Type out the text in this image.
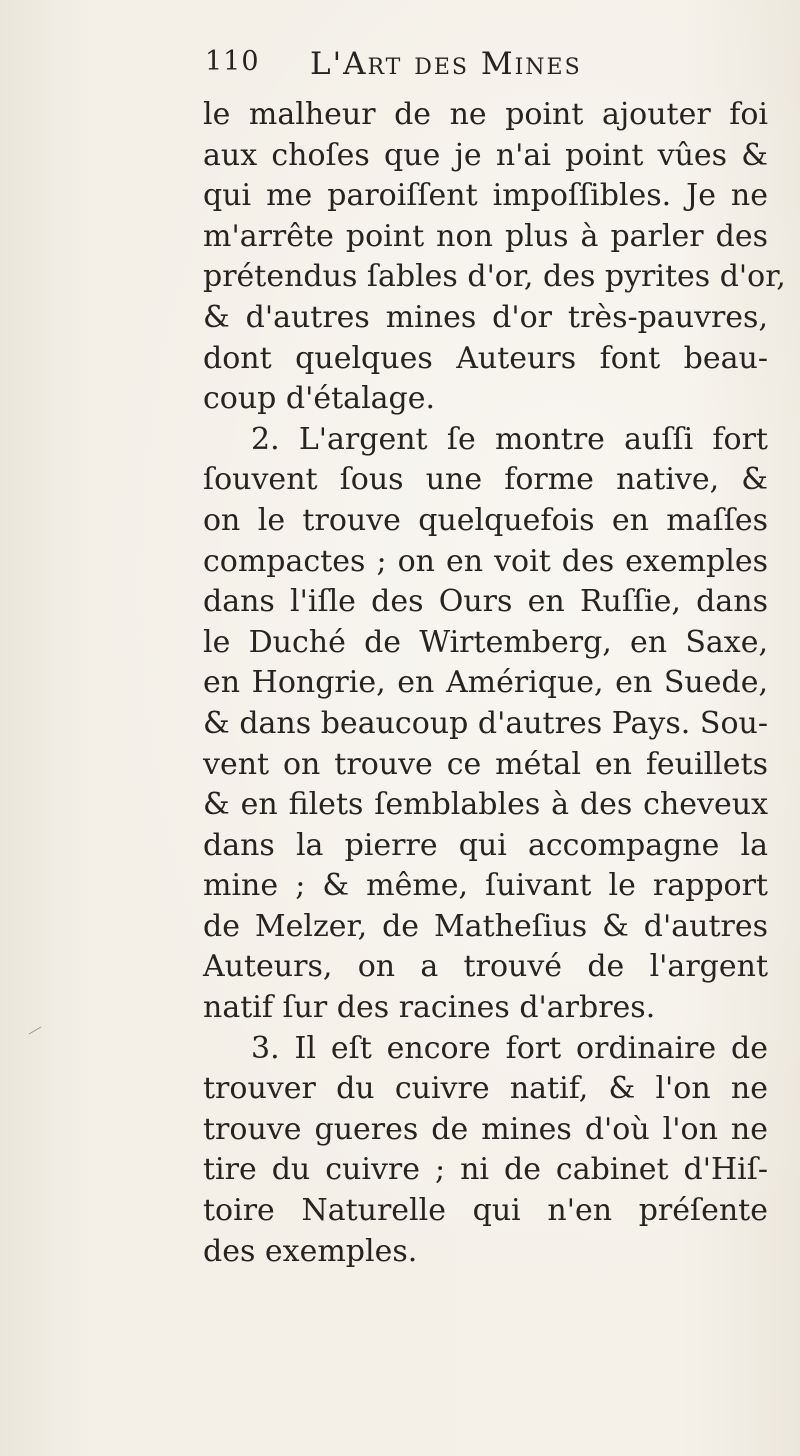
110 L'Art des Mines
le malheur de ne point ajouter foi
aux choſes que je n'ai point vûes &
qui me paroiſſent impoſſibles. Je ne
m'arrête point non plus à parler des
prétendus ſables d'or, des pyrites d'or,
& d'autres mines d'or très-pauvres,
dont quelques Auteurs font beau-
coup d'étalage.
2. L'argent ſe montre auſſi fort
ſouvent ſous une forme native, &
on le trouve quelquefois en maſſes
compactes ; on en voit des exemples
dans l'iſle des Ours en Ruſſie, dans
le Duché de Wirtemberg, en Saxe,
en Hongrie, en Amérique, en Suede,
& dans beaucoup d'autres Pays. Sou-
vent on trouve ce métal en feuillets
& en filets ſemblables à des cheveux
dans la pierre qui accompagne la
mine ; & même, ſuivant le rapport
de Melzer, de Matheſius & d'autres
Auteurs, on a trouvé de l'argent
natif ſur des racines d'arbres.
3. Il eſt encore fort ordinaire de
trouver du cuivre natif, & l'on ne
trouve gueres de mines d'où l'on ne
tire du cuivre ; ni de cabinet d'Hiſ-
toire Naturelle qui n'en préſente
des exemples.
